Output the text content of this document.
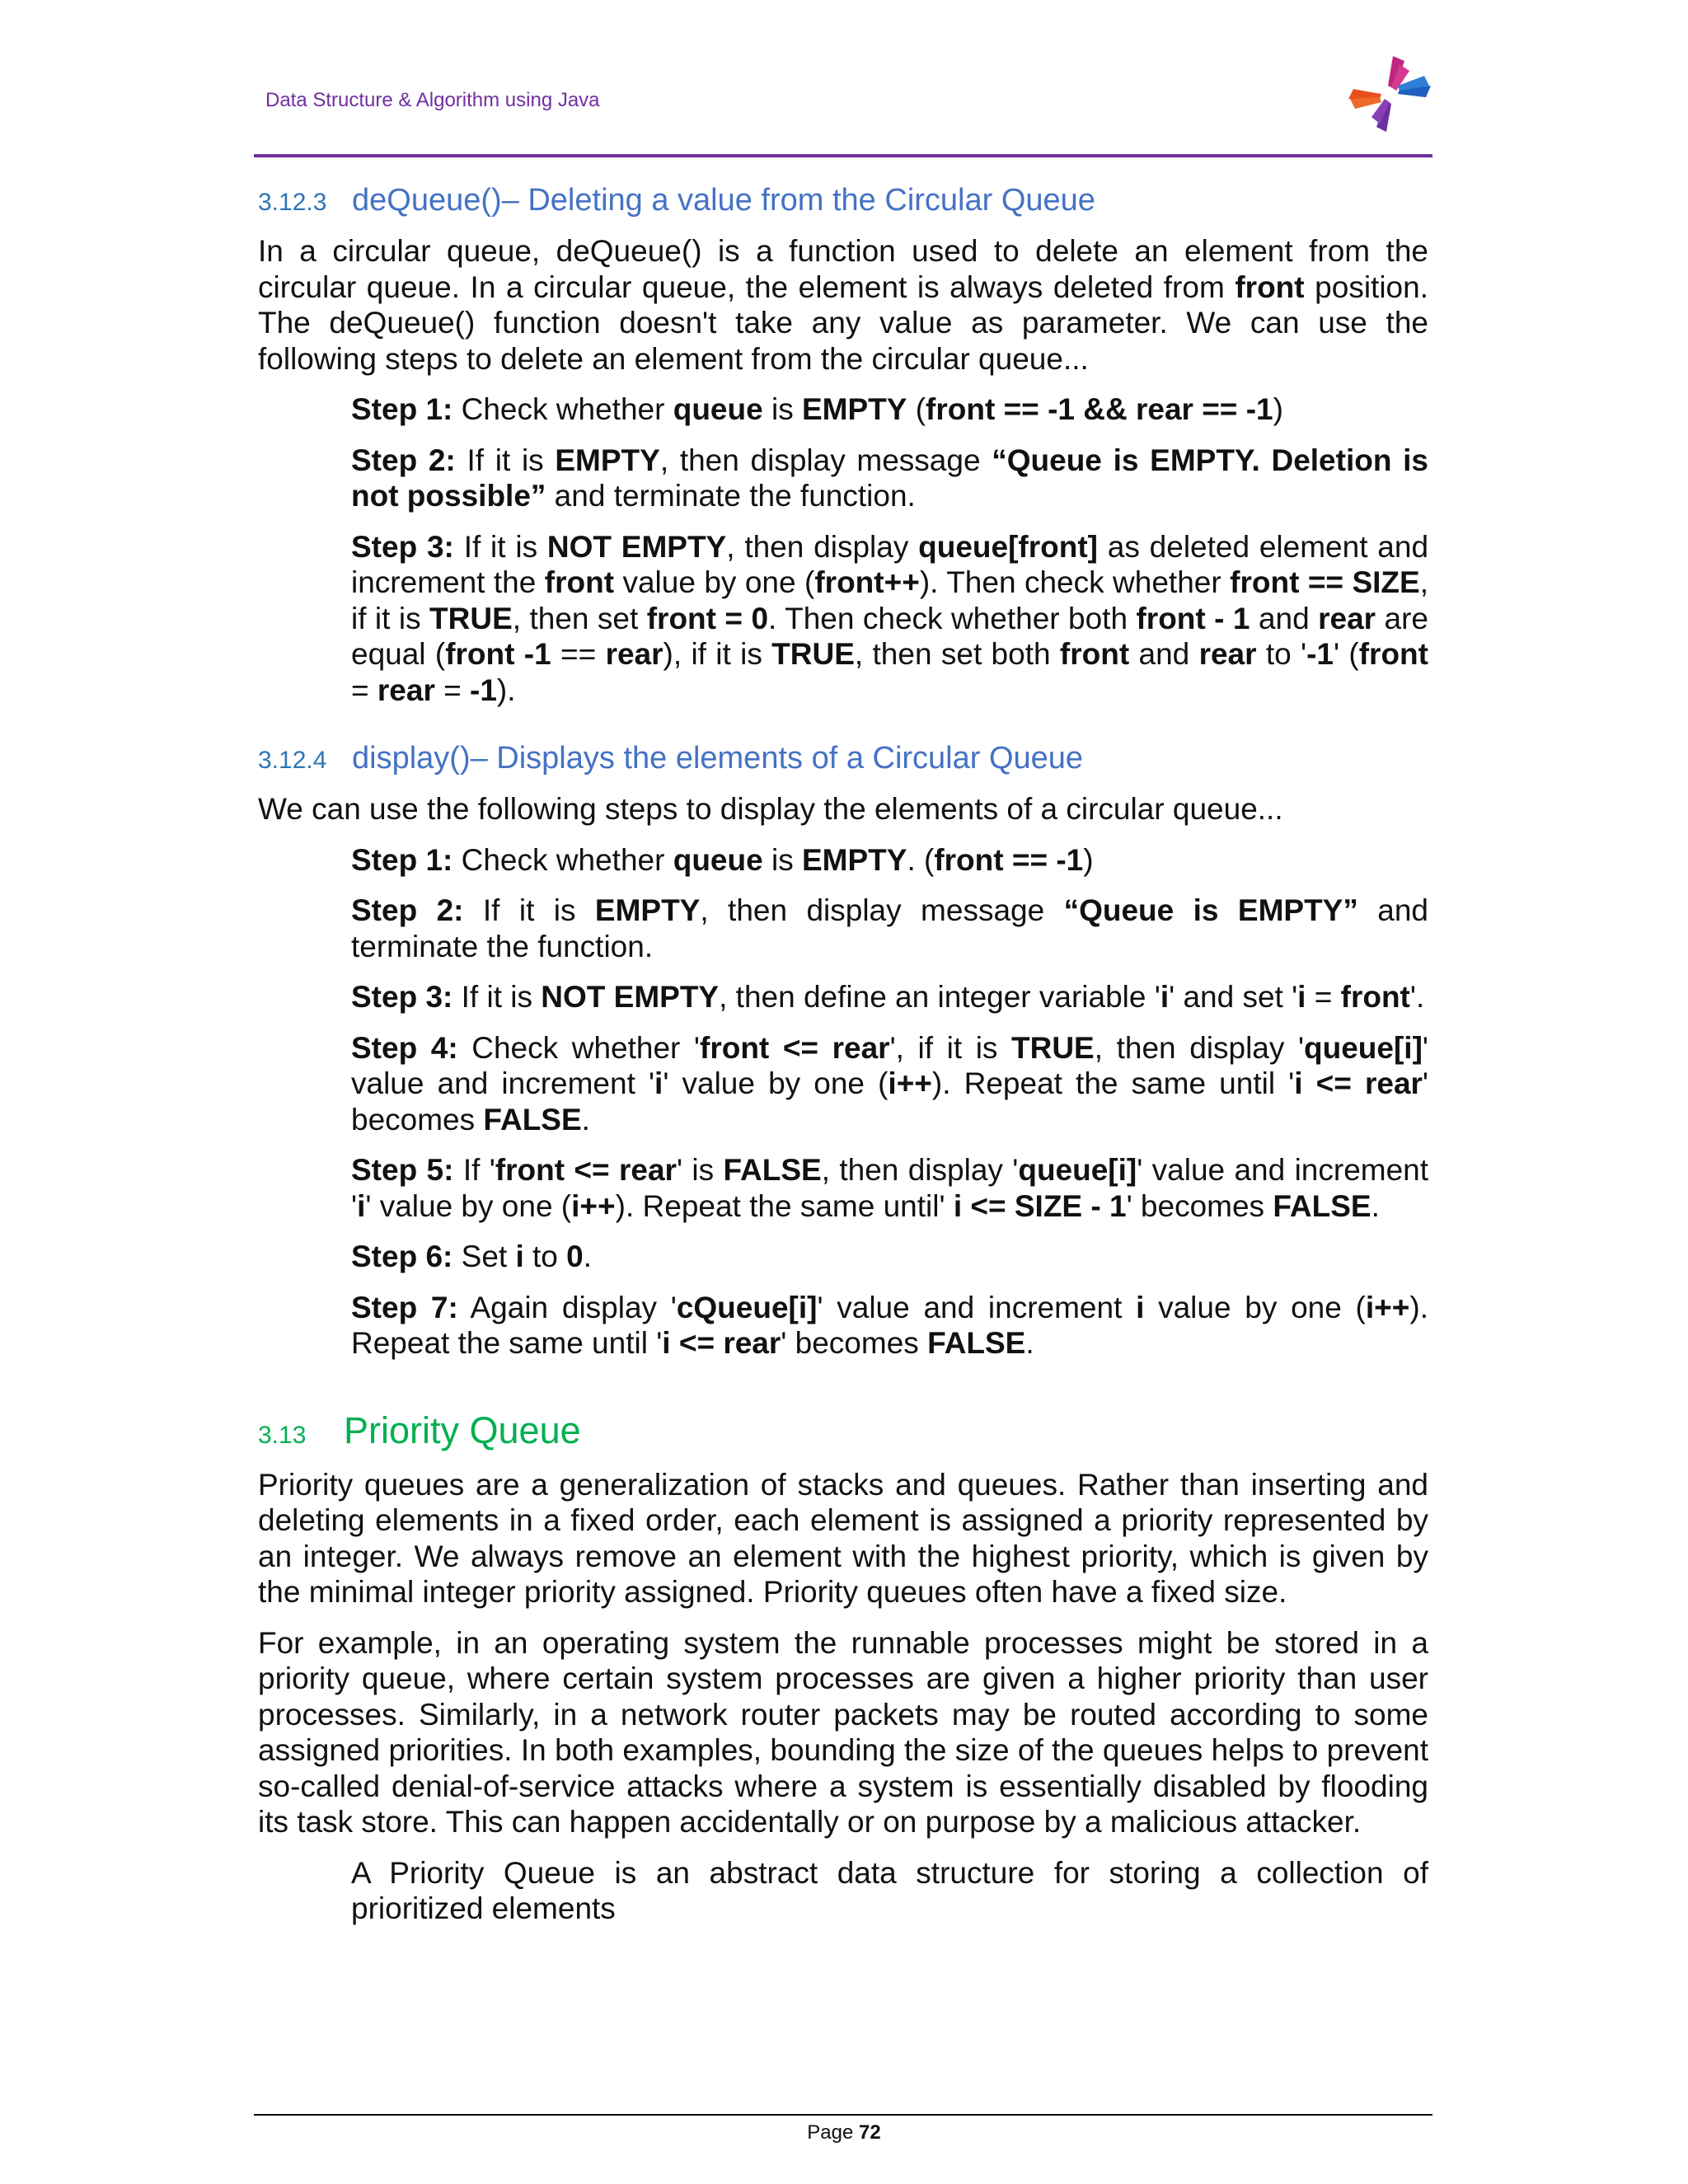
Data Structure & Algorithm using Java
3.12.3 deQueue()– Deleting a value from the Circular Queue

In a circular queue, deQueue() is a function used to delete an element from the circular queue. In a circular queue, the element is always deleted from front position. The deQueue() function doesn't take any value as parameter. We can use the following steps to delete an element from the circular queue...

Step 1: Check whether queue is EMPTY (front == -1 && rear == -1)

Step 2: If it is EMPTY, then display message “Queue is EMPTY. Deletion is not possible” and terminate the function.

Step 3: If it is NOT EMPTY, then display queue[front] as deleted element and increment the front value by one (front++). Then check whether front == SIZE, if it is TRUE, then set front = 0. Then check whether both front - 1 and rear are equal (front -1 == rear), if it is TRUE, then set both front and rear to '-1' (front = rear = -1).

3.12.4 display()– Displays the elements of a Circular Queue

We can use the following steps to display the elements of a circular queue...

Step 1: Check whether queue is EMPTY. (front == -1)

Step 2: If it is EMPTY, then display message “Queue is EMPTY” and terminate the function.

Step 3: If it is NOT EMPTY, then define an integer variable 'i' and set 'i = front'.

Step 4: Check whether 'front <= rear', if it is TRUE, then display 'queue[i]' value and increment 'i' value by one (i++). Repeat the same until 'i <= rear' becomes FALSE.

Step 5: If 'front <= rear' is FALSE, then display 'queue[i]' value and increment 'i' value by one (i++). Repeat the same until' i <= SIZE - 1' becomes FALSE.

Step 6: Set i to 0.

Step 7: Again display 'cQueue[i]' value and increment i value by one (i++). Repeat the same until 'i <= rear' becomes FALSE.

3.13	Priority Queue

Priority queues are a generalization of stacks and queues. Rather than inserting and deleting elements in a fixed order, each element is assigned a priority represented by an integer. We always remove an element with the highest priority, which is given by the minimal integer priority assigned. Priority queues often have a fixed size.

For example, in an operating system the runnable processes might be stored in a priority queue, where certain system processes are given a higher priority than user processes. Similarly, in a network router packets may be routed according to some assigned priorities. In both examples, bounding the size of the queues helps to prevent so-called denial-of-service attacks where a system is essentially disabled by flooding its task store. This can happen accidentally or on purpose by a malicious attacker.

A Priority Queue is an abstract data structure for storing a collection of prioritized elements

Page 72
